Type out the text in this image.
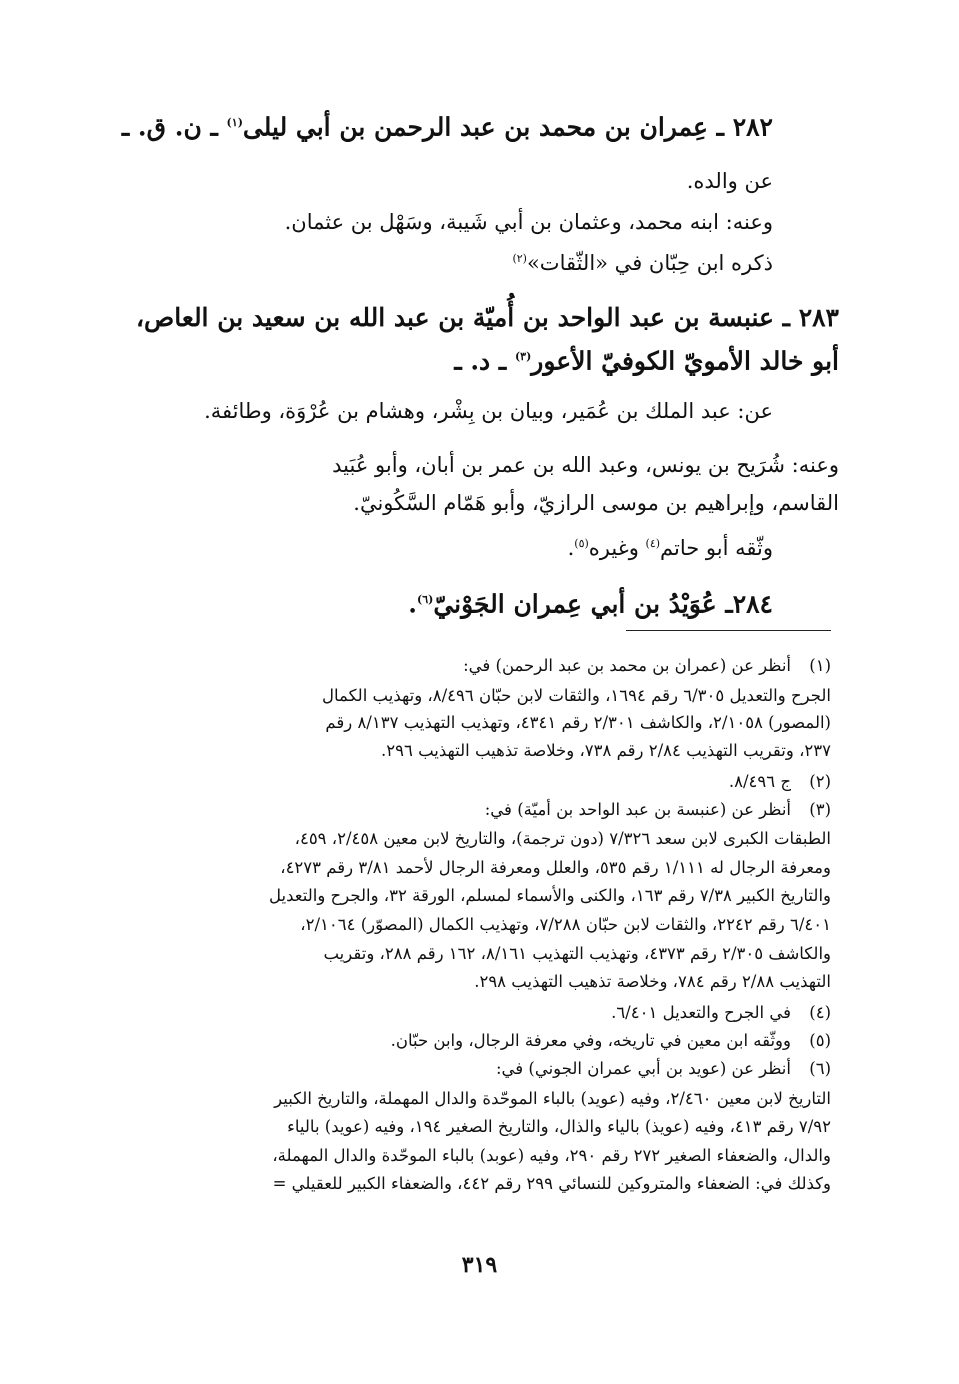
٢٨٢ ـ عِمران بن محمد بن عبد الرحمن بن أبي ليلى$^{(١)}$ ـ ن. ق. ـ
عن والده.
وعنه: ابنه محمد، وعثمان بن أبي شَيبة، وسَهْل بن عثمان.
ذكره ابن حِبّان في «الثّقات»$^{(٢)}$
٢٨٣ ـ عنبسة بن عبد الواحد بن أُميّة بن عبد الله بن سعيد بن العاص،
أبو خالد الأمويّ الكوفيّ الأعور$^{(٣)}$ ـ د. ـ
عن: عبد الملك بن عُمَير، وبيان بن بِشْر، وهشام بن عُرْوَة، وطائفة.
وعنه: شُرَيح بن يونس، وعبد الله بن عمر بن أبان، وأبو عُبَيد
القاسم، وإبراهيم بن موسى الرازيّ، وأبو هَمّام السَّكُونيّ.
وثّقه أبو حاتم$^{(٤)}$ وغيره$^{(٥)}$.
٢٨٤ـ عُوَيْدُ بن أبي عِمران الجَوْنيّ$^{(٦)}$.
(١)أنظر عن (عمران بن محمد بن عبد الرحمن) في:
الجرح والتعديل ٦/٣٠٥ رقم ١٦٩٤، والثقات لابن حبّان ٨/٤٩٦، وتهذيب الكمال
(المصور) ٢/١٠٥٨، والكاشف ٢/٣٠١ رقم ٤٣٤١، وتهذيب التهذيب ٨/١٣٧ رقم
٢٣٧، وتقريب التهذيب ٢/٨٤ رقم ٧٣٨، وخلاصة تذهيب التهذيب ٢٩٦.
(٢)ج ٨/٤٩٦.
(٣)أنظر عن (عنبسة بن عبد الواحد بن أميّة) في:
الطبقات الكبرى لابن سعد ٧/٣٢٦ (دون ترجمة)، والتاريخ لابن معين ٢/٤٥٨، ٤٥٩،
ومعرفة الرجال له ١/١١١ رقم ٥٣٥، والعلل ومعرفة الرجال لأحمد ٣/٨١ رقم ٤٢٧٣،
والتاريخ الكبير ٧/٣٨ رقم ١٦٣، والكنى والأسماء لمسلم، الورقة ٣٢، والجرح والتعديل
٦/٤٠١ رقم ٢٢٤٢، والثقات لابن حبّان ٧/٢٨٨، وتهذيب الكمال (المصوّر) ٢/١٠٦٤،
والكاشف ٢/٣٠٥ رقم ٤٣٧٣، وتهذيب التهذيب ٨/١٦١، ١٦٢ رقم ٢٨٨، وتقريب
التهذيب ٢/٨٨ رقم ٧٨٤، وخلاصة تذهيب التهذيب ٢٩٨.
(٤)في الجرح والتعديل ٦/٤٠١.
(٥)ووثّقه ابن معين في تاريخه، وفي معرفة الرجال، وابن حبّان.
(٦)أنظر عن (عويد بن أبي عمران الجوني) في:
التاريخ لابن معين ٢/٤٦٠، وفيه (عويد) بالباء الموحّدة والدال المهملة، والتاريخ الكبير
٧/٩٢ رقم ٤١٣، وفيه (عويذ) بالياء والذال، والتاريخ الصغير ١٩٤، وفيه (عويد) بالياء
والدال، والضعفاء الصغير ٢٧٢ رقم ٢٩٠، وفيه (عوبد) بالباء الموحّدة والدال المهملة،
وكذلك في: الضعفاء والمتروكين للنسائي ٢٩٩ رقم ٤٤٢، والضعفاء الكبير للعقيلي =
٣١٩
